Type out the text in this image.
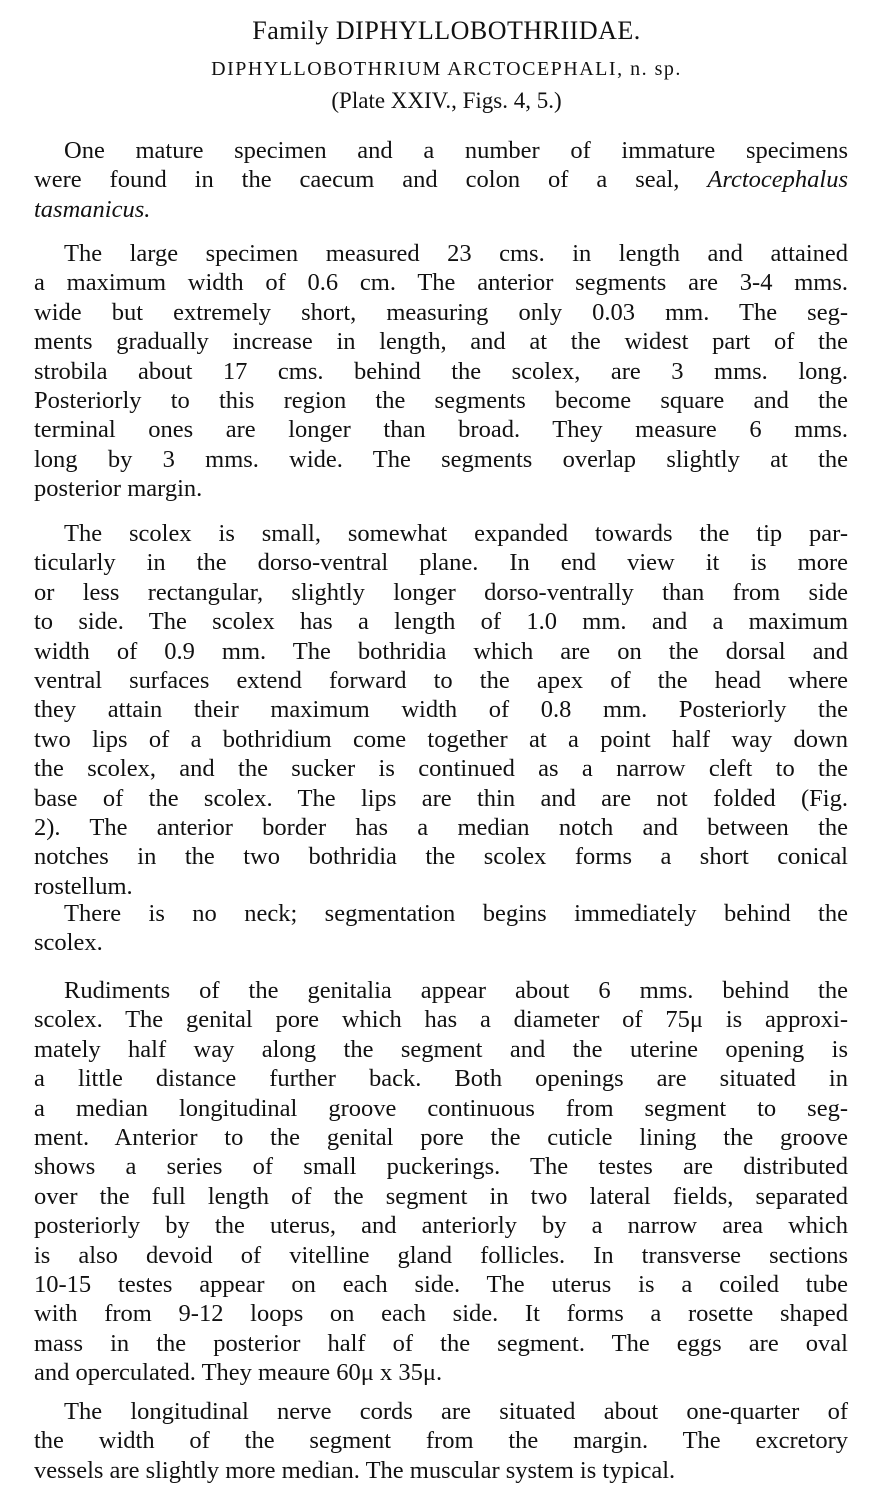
Family DIPHYLLOBOTHRIIDAE.
DIPHYLLOBOTHRIUM ARCTOCEPHALI, n. sp.
(Plate XXIV., Figs. 4, 5.)
One mature specimen and a number of immature specimens
were found in the caecum and colon of a seal, Arctocephalus
tasmanicus.
The large specimen measured 23 cms. in length and attained
a maximum width of 0.6 cm. The anterior segments are 3-4 mms.
wide but extremely short, measuring only 0.03 mm. The seg-
ments gradually increase in length, and at the widest part of the
strobila about 17 cms. behind the scolex, are 3 mms. long.
Posteriorly to this region the segments become square and the
terminal ones are longer than broad. They measure 6 mms.
long by 3 mms. wide. The segments overlap slightly at the
posterior margin.
The scolex is small, somewhat expanded towards the tip par-
ticularly in the dorso-ventral plane. In end view it is more
or less rectangular, slightly longer dorso-ventrally than from side
to side. The scolex has a length of 1.0 mm. and a maximum
width of 0.9 mm. The bothridia which are on the dorsal and
ventral surfaces extend forward to the apex of the head where
they attain their maximum width of 0.8 mm. Posteriorly the
two lips of a bothridium come together at a point half way down
the scolex, and the sucker is continued as a narrow cleft to the
base of the scolex. The lips are thin and are not folded (Fig.
2). The anterior border has a median notch and between the
notches in the two bothridia the scolex forms a short conical
rostellum.
There is no neck; segmentation begins immediately behind the
scolex.
Rudiments of the genitalia appear about 6 mms. behind the
scolex. The genital pore which has a diameter of 75μ is approxi-
mately half way along the segment and the uterine opening is
a little distance further back. Both openings are situated in
a median longitudinal groove continuous from segment to seg-
ment. Anterior to the genital pore the cuticle lining the groove
shows a series of small puckerings. The testes are distributed
over the full length of the segment in two lateral fields, separated
posteriorly by the uterus, and anteriorly by a narrow area which
is also devoid of vitelline gland follicles. In transverse sections
10-15 testes appear on each side. The uterus is a coiled tube
with from 9-12 loops on each side. It forms a rosette shaped
mass in the posterior half of the segment. The eggs are oval
and operculated. They meaure 60μ x 35μ.
The longitudinal nerve cords are situated about one-quarter of
the width of the segment from the margin. The excretory
vessels are slightly more median. The muscular system is typical.
